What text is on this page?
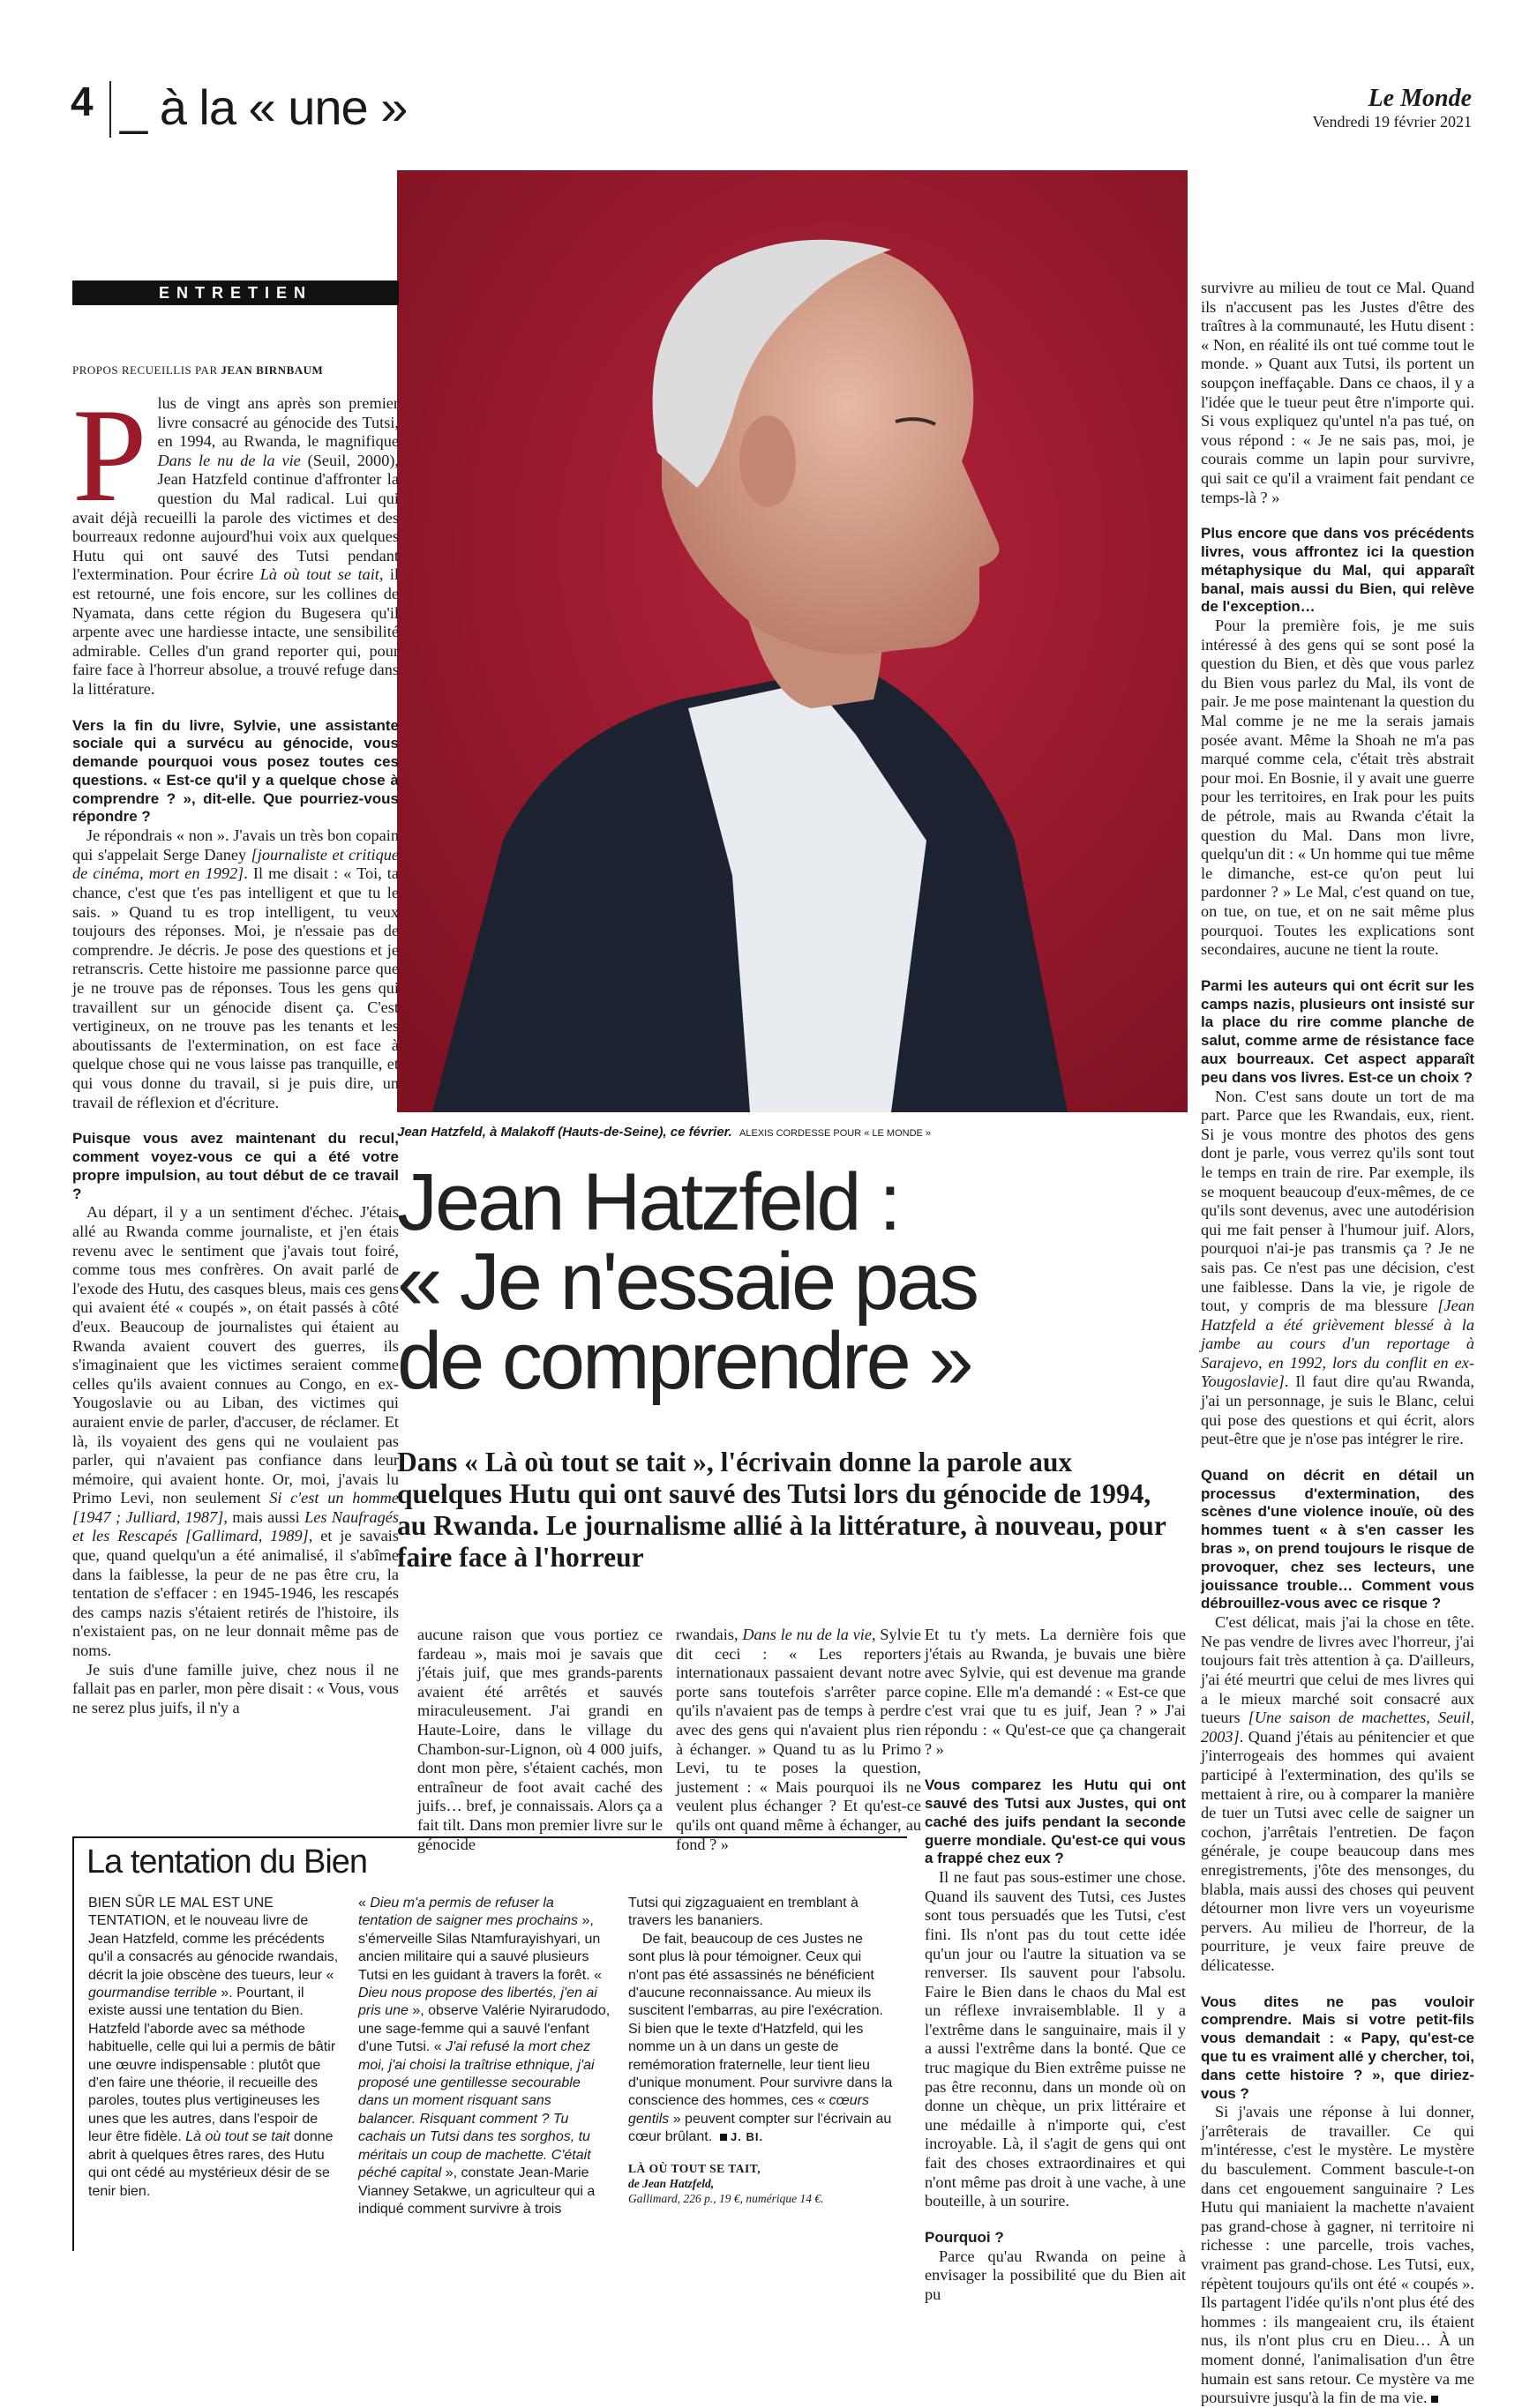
4 _ à la « une »	Le Monde
Vendredi 19 février 2021
Jean Hatzfeld, à Malakoff (Hauts-de-Seine), ce février. ALEXIS CORDESSE POUR « LE MONDE »
ENTRETIEN
PROPOS RECUEILLIS PAR JEAN BIRNBAUM

Plus de vingt ans après son premier livre consacré au génocide des Tutsi, en 1994, au Rwanda, le magnifique Dans le nu de la vie (Seuil, 2000), Jean Hatzfeld continue d'affronter la question du Mal radical. Lui qui avait déjà recueilli la parole des victimes et des bourreaux redonne aujourd'hui voix aux quelques Hutu qui ont sauvé des Tutsi pendant l'extermination. Pour écrire Là où tout se tait, il est retourné, une fois encore, sur les collines de Nyamata, dans cette région du Bugesera qu'il arpente avec une hardiesse intacte, une sensibilité admirable. Celles d'un grand reporter qui, pour faire face à l'horreur absolue, a trouvé refuge dans la littérature.

Vers la fin du livre, Sylvie, une assistante sociale qui a survécu au génocide, vous demande pourquoi vous posez toutes ces questions. « Est-ce qu'il y a quelque chose à comprendre ? », dit-elle. Que pourriez-vous répondre ?

Je répondrais « non ». J'avais un très bon copain qui s'appelait Serge Daney [journaliste et critique de cinéma, mort en 1992]. Il me disait : « Toi, ta chance, c'est que t'es pas intelligent et que tu le sais. » Quand tu es trop intelligent, tu veux toujours des réponses. Moi, je n'essaie pas de comprendre. Je décris. Je pose des questions et je retranscris. Cette histoire me passionne parce que je ne trouve pas de réponses. Tous les gens qui travaillent sur un génocide disent ça. C'est vertigineux, on ne trouve pas les tenants et les aboutissants de l'extermination, on est face à quelque chose qui ne vous laisse pas tranquille, et qui vous donne du travail, si je puis dire, un travail de réflexion et d'écriture.

Puisque vous avez maintenant du recul, comment voyez-vous ce qui a été votre propre impulsion, au tout début de ce travail ?

Au départ, il y a un sentiment d'échec. J'étais allé au Rwanda comme journaliste, et j'en étais revenu avec le sentiment que j'avais tout foiré, comme tous mes confrères. On avait parlé de l'exode des Hutu, des casques bleus, mais ces gens qui avaient été « coupés », on était passés à côté d'eux. Beaucoup de journalistes qui étaient au Rwanda avaient couvert des guerres, ils s'imaginaient que les victimes seraient comme celles qu'ils avaient connues au Congo, en ex-Yougoslavie ou au Liban, des victimes qui auraient envie de parler, d'accuser, de réclamer. Et là, ils voyaient des gens qui ne voulaient pas parler, qui n'avaient pas confiance dans leur mémoire, qui avaient honte. Or, moi, j'avais lu Primo Levi, non seulement Si c'est un homme [1947 ; Julliard, 1987], mais aussi Les Naufragés et les Rescapés [Gallimard, 1989], et je savais que, quand quelqu'un a été animalisé, il s'abîme dans la faiblesse, la peur de ne pas être cru, la tentation de s'effacer : en 1945-1946, les rescapés des camps nazis s'étaient retirés de l'histoire, ils n'existaient pas, on ne leur donnait même pas de noms.

Je suis d'une famille juive, chez nous il ne fallait pas en parler, mon père disait : « Vous, vous ne serez plus juifs, il n'y a

Jean Hatzfeld :
« Je n'essaie pas
de comprendre »
Dans « Là où tout se tait », l'écrivain donne la parole aux quelques Hutu qui ont sauvé des Tutsi lors du génocide de 1994, au Rwanda. Le journalisme allié à la littérature, à nouveau, pour faire face à l'horreur

aucune raison que vous portiez ce fardeau », mais moi je savais que j'étais juif, que mes grands-parents avaient été arrêtés et sauvés miraculeusement. J'ai grandi en Haute-Loire, dans le village du Chambon-sur-Lignon, où 4 000 juifs, dont mon père, s'étaient cachés, mon entraîneur de foot avait caché des juifs… bref, je connaissais. Alors ça a fait tilt. Dans mon premier livre sur le génocide

rwandais, Dans le nu de la vie, Sylvie dit ceci : « Les reporters internationaux passaient devant notre porte sans toutefois s'arrêter parce qu'ils n'avaient pas de temps à perdre avec des gens qui n'avaient plus rien à échanger. » Quand tu as lu Primo Levi, tu te poses la question, justement : « Mais pourquoi ils ne veulent plus échanger ? Et qu'est-ce qu'ils ont quand même à échanger, au fond ? »

Et tu t'y mets. La dernière fois que j'étais au Rwanda, je buvais une bière avec Sylvie, qui est devenue ma grande copine. Elle m'a demandé : « Est-ce que c'est vrai que tu es juif, Jean ? » J'ai répondu : « Qu'est-ce que ça changerait ? »

Vous comparez les Hutu qui ont sauvé des Tutsi aux Justes, qui ont caché des juifs pendant la seconde guerre mondiale. Qu'est-ce qui vous a frappé chez eux ?

Il ne faut pas sous-estimer une chose. Quand ils sauvent des Tutsi, ces Justes sont tous persuadés que les Tutsi, c'est fini. Ils n'ont pas du tout cette idée qu'un jour ou l'autre la situation va se renverser. Ils sauvent pour l'absolu. Faire le Bien dans le chaos du Mal est un réflexe invraisemblable. Il y a l'extrême dans le sanguinaire, mais il y a aussi l'extrême dans la bonté. Que ce truc magique du Bien extrême puisse ne pas être reconnu, dans un monde où on donne un chèque, un prix littéraire et une médaille à n'importe qui, c'est incroyable. Là, il s'agit de gens qui ont fait des choses extraordinaires et qui n'ont même pas droit à une vache, à une bouteille, à un sourire.

Pourquoi ?

Parce qu'au Rwanda on peine à envisager la possibilité que du Bien ait pu

survivre au milieu de tout ce Mal. Quand ils n'accusent pas les Justes d'être des traîtres à la communauté, les Hutu disent : « Non, en réalité ils ont tué comme tout le monde. » Quant aux Tutsi, ils portent un soupçon ineffaçable. Dans ce chaos, il y a l'idée que le tueur peut être n'importe qui. Si vous expliquez qu'untel n'a pas tué, on vous répond : « Je ne sais pas, moi, je courais comme un lapin pour survivre, qui sait ce qu'il a vraiment fait pendant ce temps-là ? »

Plus encore que dans vos précédents livres, vous affrontez ici la question métaphysique du Mal, qui apparaît banal, mais aussi du Bien, qui relève de l'exception…

Pour la première fois, je me suis intéressé à des gens qui se sont posé la question du Bien, et dès que vous parlez du Bien vous parlez du Mal, ils vont de pair. Je me pose maintenant la question du Mal comme je ne me la serais jamais posée avant. Même la Shoah ne m'a pas marqué comme cela, c'était très abstrait pour moi. En Bosnie, il y avait une guerre pour les territoires, en Irak pour les puits de pétrole, mais au Rwanda c'était la question du Mal. Dans mon livre, quelqu'un dit : « Un homme qui tue même le dimanche, est-ce qu'on peut lui pardonner ? » Le Mal, c'est quand on tue, on tue, on tue, et on ne sait même plus pourquoi. Toutes les explications sont secondaires, aucune ne tient la route.

Parmi les auteurs qui ont écrit sur les camps nazis, plusieurs ont insisté sur la place du rire comme planche de salut, comme arme de résistance face aux bourreaux. Cet aspect apparaît peu dans vos livres. Est-ce un choix ?

Non. C'est sans doute un tort de ma part. Parce que les Rwandais, eux, rient. Si je vous montre des photos des gens dont je parle, vous verrez qu'ils sont tout le temps en train de rire. Par exemple, ils se moquent beaucoup d'eux-mêmes, de ce qu'ils sont devenus, avec une autodérision qui me fait penser à l'humour juif. Alors, pourquoi n'ai-je pas transmis ça ? Je ne sais pas. Ce n'est pas une décision, c'est une faiblesse. Dans la vie, je rigole de tout, y compris de ma blessure [Jean Hatzfeld a été grièvement blessé à la jambe au cours d'un reportage à Sarajevo, en 1992, lors du conflit en ex-Yougoslavie]. Il faut dire qu'au Rwanda, j'ai un personnage, je suis le Blanc, celui qui pose des questions et qui écrit, alors peut-être que je n'ose pas intégrer le rire.

Quand on décrit en détail un processus d'extermination, des scènes d'une violence inouïe, où des hommes tuent « à s'en casser les bras », on prend toujours le risque de provoquer, chez ses lecteurs, une jouissance trouble… Comment vous débrouillez-vous avec ce risque ?

C'est délicat, mais j'ai la chose en tête. Ne pas vendre de livres avec l'horreur, j'ai toujours fait très attention à ça. D'ailleurs, j'ai été meurtri que celui de mes livres qui a le mieux marché soit consacré aux tueurs [Une saison de machettes, Seuil, 2003]. Quand j'étais au pénitencier et que j'interrogeais des hommes qui avaient participé à l'extermination, des qu'ils se mettaient à rire, ou à comparer la manière de tuer un Tutsi avec celle de saigner un cochon, j'arrêtais l'entretien. De façon générale, je coupe beaucoup dans mes enregistrements, j'ôte des mensonges, du blabla, mais aussi des choses qui peuvent détourner mon livre vers un voyeurisme pervers. Au milieu de l'horreur, de la pourriture, je veux faire preuve de délicatesse.

Vous dites ne pas vouloir comprendre. Mais si votre petit-fils vous demandait : « Papy, qu'est-ce que tu es vraiment allé y chercher, toi, dans cette histoire ? », que diriez-vous ?

Si j'avais une réponse à lui donner, j'arrêterais de travailler. Ce qui m'intéresse, c'est le mystère. Le mystère du basculement. Comment bascule-t-on dans cet engouement sanguinaire ? Les Hutu qui maniaient la machette n'avaient pas grand-chose à gagner, ni territoire ni richesse : une parcelle, trois vaches, vraiment pas grand-chose. Les Tutsi, eux, répètent toujours qu'ils ont été « coupés ». Ils partagent l'idée qu'ils n'ont plus été des hommes : ils mangeaient cru, ils étaient nus, ils n'ont plus cru en Dieu… À un moment donné, l'animalisation d'un être humain est sans retour. Ce mystère va me poursuivre jusqu'à la fin de ma vie.

La tentation du Bien
BIEN SÛR LE MAL EST UNE TENTATION, et le nouveau livre de Jean Hatzfeld, comme les précédents qu'il a consacrés au génocide rwandais, décrit la joie obscène des tueurs, leur « gourmandise terrible ». Pourtant, il existe aussi une tentation du Bien. Hatzfeld l'aborde avec sa méthode habituelle, celle qui lui a permis de bâtir une œuvre indispensable : plutôt que d'en faire une théorie, il recueille des paroles, toutes plus vertigineuses les unes que les autres, dans l'espoir de leur être fidèle. Là où tout se tait donne abrit à quelques êtres rares, des Hutu qui ont cédé au mystérieux désir de se tenir bien.
« Dieu m'a permis de refuser la tentation de saigner mes prochains », s'émerveille Silas Ntamfurayishyari, un ancien militaire qui a sauvé plusieurs Tutsi en les guidant à travers la forêt. « Dieu nous propose des libertés, j'en ai pris une », observe Valérie Nyirarudodo, une sage-femme qui a sauvé l'enfant d'une Tutsi. « J'ai refusé la mort chez moi, j'ai choisi la traîtrise ethnique, j'ai proposé une gentillesse secourable dans un moment risquant sans balancer. Risquant comment ? Tu cachais un Tutsi dans tes sorghos, tu méritais un coup de machette. C'était péché capital », constate Jean-Marie Vianney Setakwe, un agriculteur qui a indiqué comment survivre à trois
Tutsi qui zigzaguaient en tremblant à travers les bananiers.
De fait, beaucoup de ces Justes ne sont plus là pour témoigner. Ceux qui n'ont pas été assassinés ne bénéficient d'aucune reconnaissance. Au mieux ils suscitent l'embarras, au pire l'exécration. Si bien que le texte d'Hatzfeld, qui les nomme un à un dans un geste de remémoration fraternelle, leur tient lieu d'unique monument. Pour survivre dans la conscience des hommes, ces « cœurs gentils » peuvent compter sur l'écrivain au cœur brûlant. J. BI.
LÀ OÙ TOUT SE TAIT,
de Jean Hatzfeld,
Gallimard, 226 p., 19 €, numérique 14 €.
